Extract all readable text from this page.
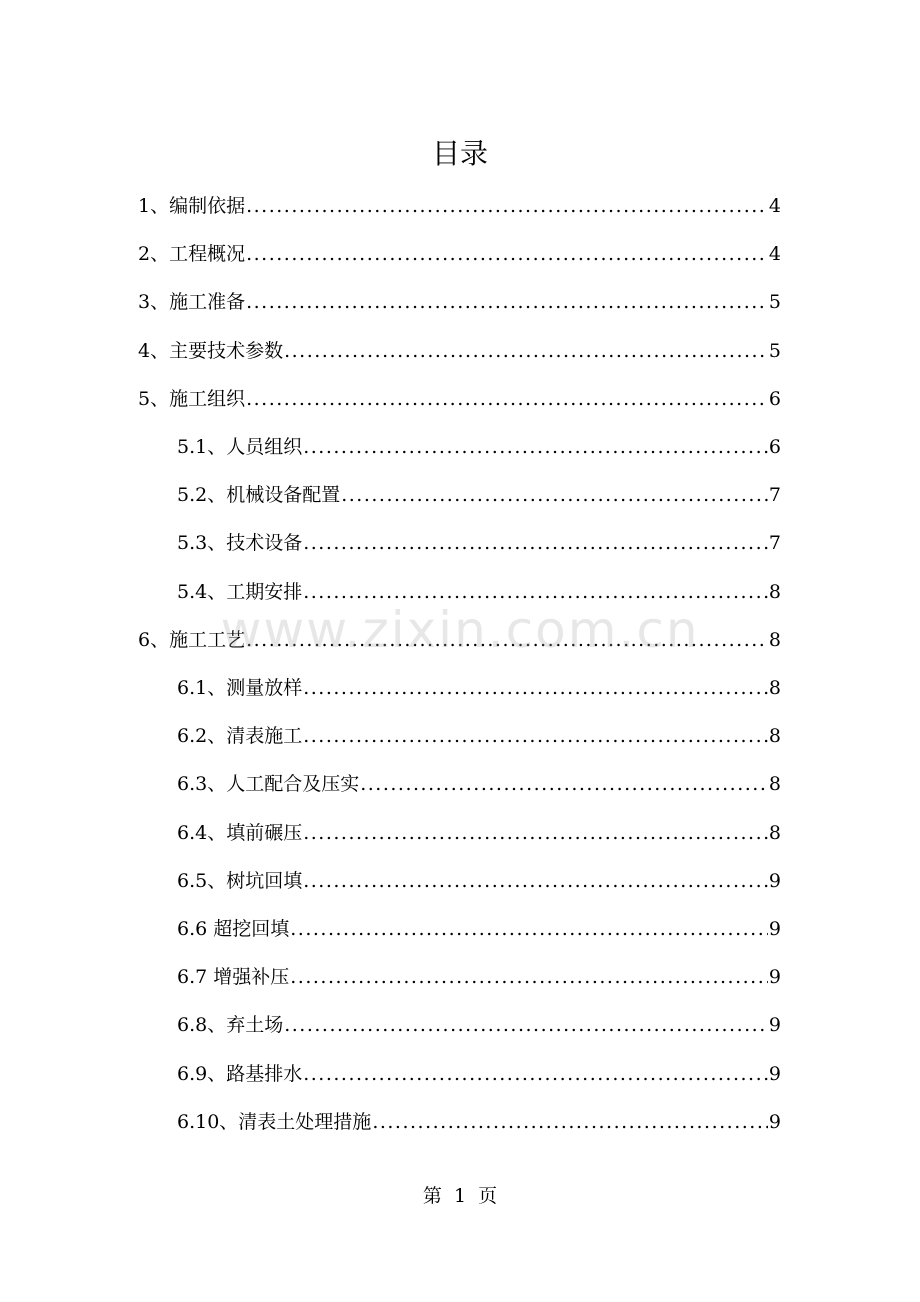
目录
1、编制依据 .....	4
2、工程概况 .....	4
3、施工准备 .....	5
4、主要技术参数 .....	5
5、施工组织 .....	6
5.1、人员组织 .....	6
5.2、机械设备配置 .....	7
5.3、技术设备 .....	7
5.4、工期安排 .....	8
6、施工工艺 .....	8
6.1、测量放样 .....	8
6.2、清表施工 .....	8
6.3、人工配合及压实 .....	8
6.4、填前碾压 .....	8
6.5、树坑回填 .....	9
6.6 超挖回填 .....	9
6.7 增强补压 .....	9
6.8、弃土场 .....	9
6.9、路基排水 .....	9
6.10、清表土处理措施 .....	9
www.zixin.com.cn
第 1 页
